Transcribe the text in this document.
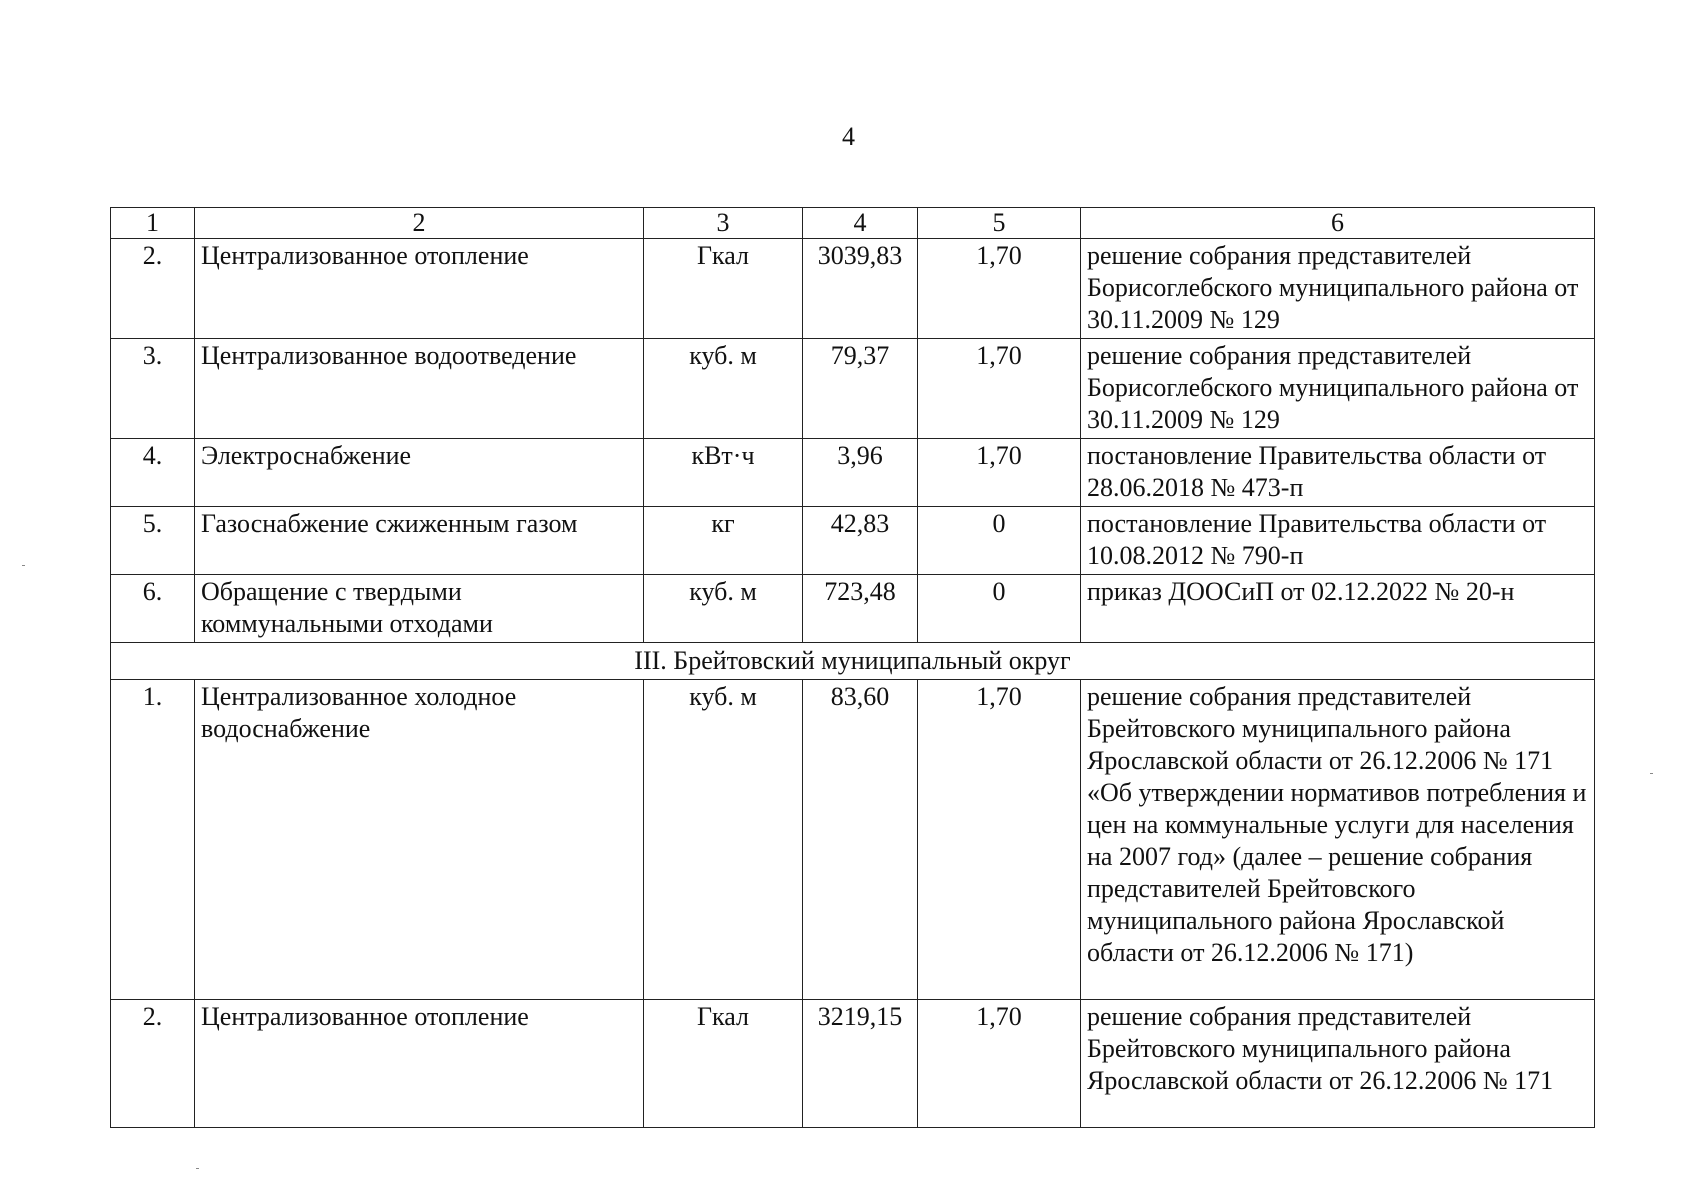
4
1	2	3	4	5	6
2.	Централизованное отопление	Гкал	3039,83	1,70	решение собрания представителей Борисоглебского муниципального района от 30.11.2009 № 129
3.	Централизованное водоотведение	куб. м	79,37	1,70	решение собрания представителей Борисоглебского муниципального района от 30.11.2009 № 129
4.	Электроснабжение	кВт·ч	3,96	1,70	постановление Правительства области от 28.06.2018 № 473-п
5.	Газоснабжение сжиженным газом	кг	42,83	0	постановление Правительства области от 10.08.2012 № 790-п
6.	Обращение с твердыми коммунальными отходами	куб. м	723,48	0	приказ ДООСиП от 02.12.2022 № 20-н
III. Брейтовский муниципальный округ					
1.	Централизованное холодное водоснабжение	куб. м	83,60	1,70	решение собрания представителей Брейтовского муниципального района Ярославской области от 26.12.2006 № 171 «Об утверждении нормативов потребления и цен на коммунальные услуги для населения на 2007 год» (далее – решение собрания представителей Брейтовского муниципального района Ярославской области от 26.12.2006 № 171)
2.	Централизованное отопление	Гкал	3219,15	1,70	решение собрания представителей Брейтовского муниципального района Ярославской области от 26.12.2006 № 171
